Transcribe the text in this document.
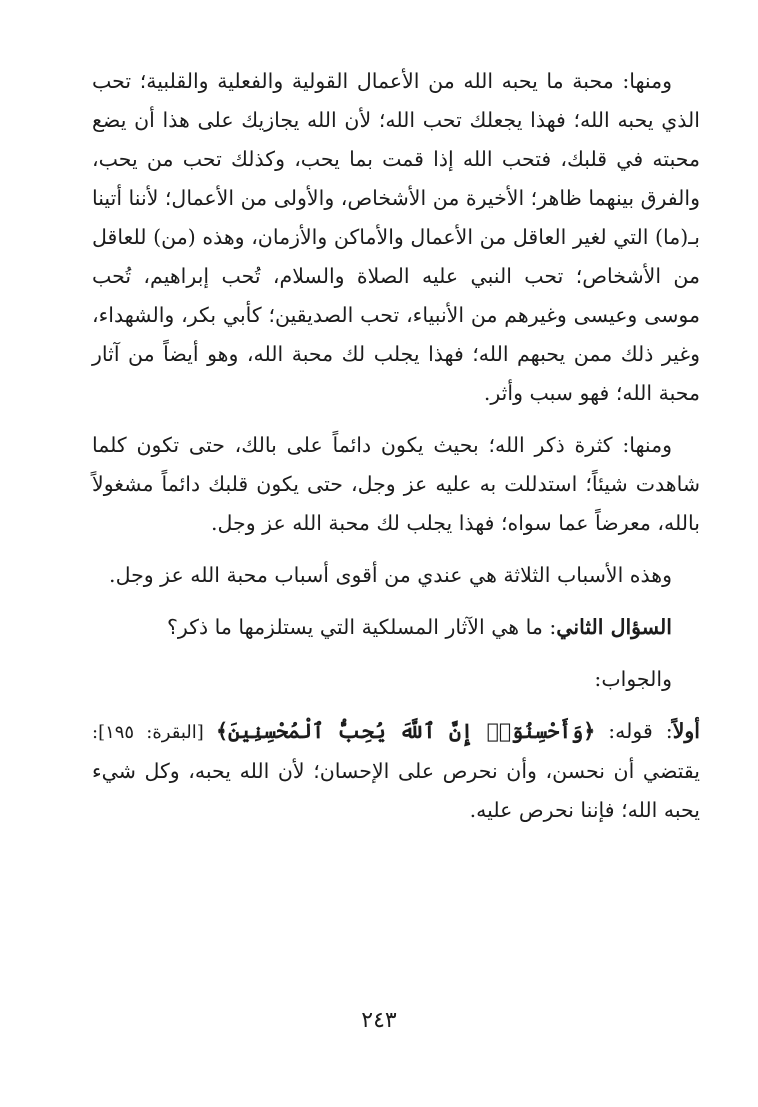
ومنها: محبة ما يحبه الله من الأعمال القولية والفعلية والقلبية؛ تحب الذي يحبه الله؛ فهذا يجعلك تحب الله؛ لأن الله يجازيك على هذا أن يضع محبته في قلبك، فتحب الله إذا قمت بما يحب، وكذلك تحب من يحب، والفرق بينهما ظاهر؛ الأخيرة من الأشخاص، والأولى من الأعمال؛ لأننا أتينا بـ(ما) التي لغير العاقل من الأعمال والأماكن والأزمان، وهذه (من) للعاقل من الأشخاص؛ تحب النبي عليه الصلاة والسلام، تُحب إبراهيم، تُحب موسى وعيسى وغيرهم من الأنبياء، تحب الصديقين؛ كأبي بكر، والشهداء، وغير ذلك ممن يحبهم الله؛ فهذا يجلب لك محبة الله، وهو أيضاً من آثار محبة الله؛ فهو سبب وأثر.

ومنها: كثرة ذكر الله؛ بحيث يكون دائماً على بالك، حتى تكون كلما شاهدت شيئاً؛ استدللت به عليه عز وجل، حتى يكون قلبك دائماً مشغولاً بالله، معرضاً عما سواه؛ فهذا يجلب لك محبة الله عز وجل.

وهذه الأسباب الثلاثة هي عندي من أقوى أسباب محبة الله عز وجل.

السؤال الثاني: ما هي الآثار المسلكية التي يستلزمها ما ذكر؟

والجواب:

أولاً: قوله: ﴿وَأَحْسِنُوٓا۟ إِنَّ ٱللَّهَ يُحِبُّ ٱلْمُحْسِنِينَ﴾ [البقرة: ١٩٥]: يقتضي أن نحسن، وأن نحرص على الإحسان؛ لأن الله يحبه، وكل شيء يحبه الله؛ فإننا نحرص عليه.

٢٤٣
